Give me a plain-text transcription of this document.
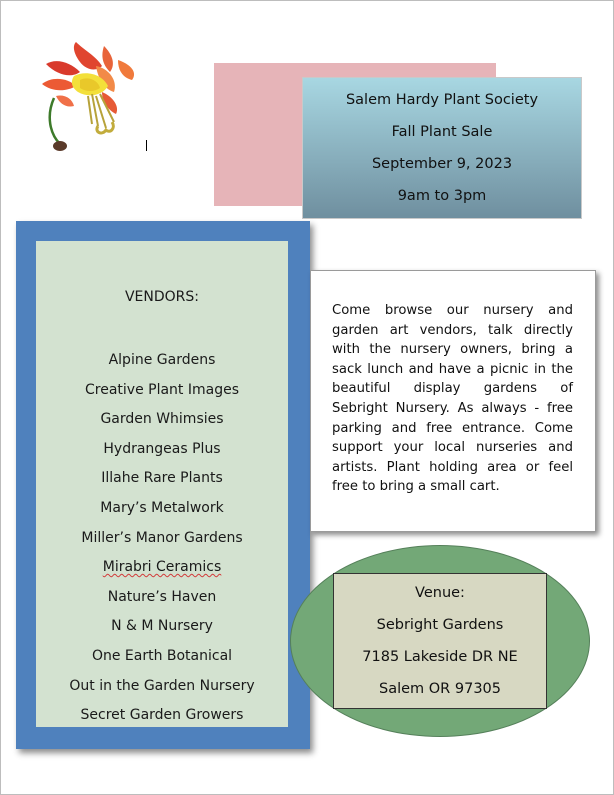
Salem Hardy Plant Society
Fall Plant Sale
September 9, 2023
9am to 3pm
VENDORS:
Alpine Gardens
Creative Plant Images
Garden Whimsies
Hydrangeas Plus
Illahe Rare Plants
Mary’s Metalwork
Miller’s Manor Gardens
Mirabri Ceramics
Nature’s Haven
N & M Nursery
One Earth Botanical
Out in the Garden Nursery
Secret Garden Growers

Come browse our nursery and garden art vendors, talk directly with the nursery owners, bring a sack lunch and have a picnic in the beautiful display gardens of Sebright Nursery. As always - free parking and free entrance. Come support your local nurseries and artists. Plant holding area or feel free to bring a small cart.

Venue:
Sebright Gardens
7185 Lakeside DR NE
Salem OR 97305
